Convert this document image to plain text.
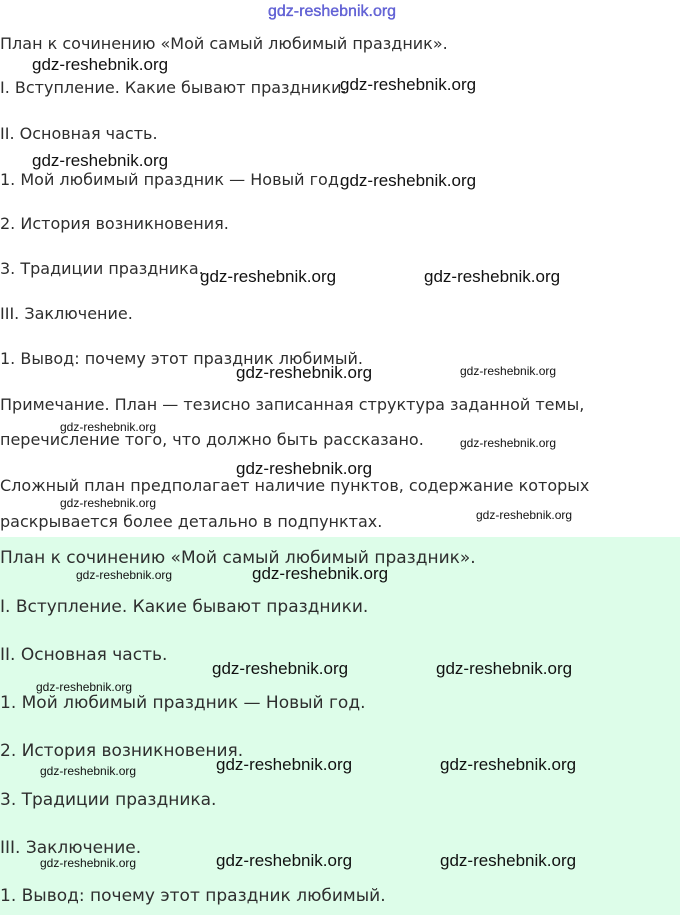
План к сочинению «Мой самый любимый праздник».
I. Вступление. Какие бывают праздники.
II. Основная часть.
1. Мой любимый праздник — Новый год.
2. История возникновения.
3. Традиции праздника.
III. Заключение.
1. Вывод: почему этот праздник любимый.
Примечание. План — тезисно записанная структура заданной темы,
перечисление того, что должно быть рассказано.
Сложный план предполагает наличие пунктов, содержание которых
раскрывается более детально в подпунктах.
План к сочинению «Мой самый любимый праздник».
I. Вступление. Какие бывают праздники.
II. Основная часть.
1. Мой любимый праздник — Новый год.
2. История возникновения.
3. Традиции праздника.
III. Заключение.
1. Вывод: почему этот праздник любимый.
gdz-reshebnik.org
gdz-reshebnik.org
gdz-reshebnik.org
gdz-reshebnik.org
gdz-reshebnik.org
gdz-reshebnik.org	gdz-reshebnik.org
gdz-reshebnik.org	gdz-reshebnik.org
gdz-reshebnik.org
gdz-reshebnik.org
gdz-reshebnik.org
gdz-reshebnik.org
gdz-reshebnik.org
gdz-reshebnik.org	gdz-reshebnik.org
gdz-reshebnik.org	gdz-reshebnik.org
gdz-reshebnik.org
gdz-reshebnik.org	gdz-reshebnik.org
gdz-reshebnik.org
gdz-reshebnik.org	gdz-reshebnik.org	gdz-reshebnik.org
